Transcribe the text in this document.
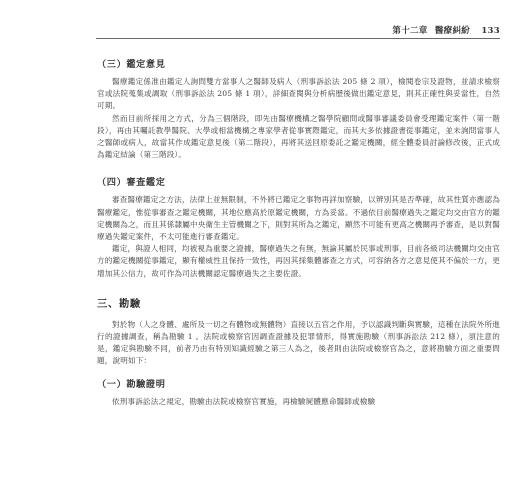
第十二章 醫療糾紛 133
（三）鑑定意見

醫療鑑定係准由鑑定人詢問雙方當事人之醫師及病人（刑事訴訟法 205 條 2 項），檢閱卷宗及證物，並請求檢察官或法院蒐集或調取（刑事訴訟法 205 條 1 項），詳細查閱與分析病歷後做出鑑定意見，則其正確性與妥當性，自然可期。

然而目前所採用之方式，分為三個階段，即先由醫療機構之醫學院顧問或醫事審議委員會受理鑑定案件（第一階段），再由其囑託教學醫院、大學或相當機構之專家學者從事實際鑑定，而其大多依據證書從事鑑定，並未詢問當事人之醫師或病人，故當其作成鑑定意見後（第二階段），再將其送回原委託之鑑定機關，經全體委員討論修改後，正式成為鑑定結論（第三階段）。

（四）審查鑑定

審查醫療鑑定之方法，法律上並無限制，不外將已鑑定之事物再詳加察驗，以辨別其是否準確，故其性質亦應認為醫療鑑定，惟從事審查之鑑定機關，其地位應高於原鑑定機關，方為妥當。不過依目前醫療過失之鑑定均交由官方的鑑定機關為之，而且其係隸屬中央衛生主管機關之下，則對其所為之鑑定，顯然不可能有更高之機關再予審查，是以對醫療過失鑑定案件，不太可能進行審查鑑定。

鑑定，與證人相同，均被視為重要之證據，醫療過失之有無，無論其屬於民事或刑事，目前各級司法機關均交由官方的鑑定機關從事鑑定，顯有權威性且保持一致性，再因其採集體審查之方式，可容納各方之意見使其不偏於一方，更增加其公信力，故可作為司法機關認定醫療過失之主要佐證。

三、勘驗

對於物（人之身體、處所及一切之有體物或無體物）直接以五官之作用，予以認識判斷與實驗，這種在法院外所進行的證據調查，稱為勘驗 1 。法院或檢察官因調查證據及犯罪情形，得實施勘驗（刑事訴訟法 212 條），須注意的是，鑑定與勘驗不同，前者乃由有特別知識經驗之第三人為之，後者則由法院或檢察官為之，意將勘驗方面之重要問題，說明如下：

（一）勘驗證明

依刑事訴訟法之規定，勘驗由法院或檢察官實施，再檢驗屍體應命醫師或檢驗
